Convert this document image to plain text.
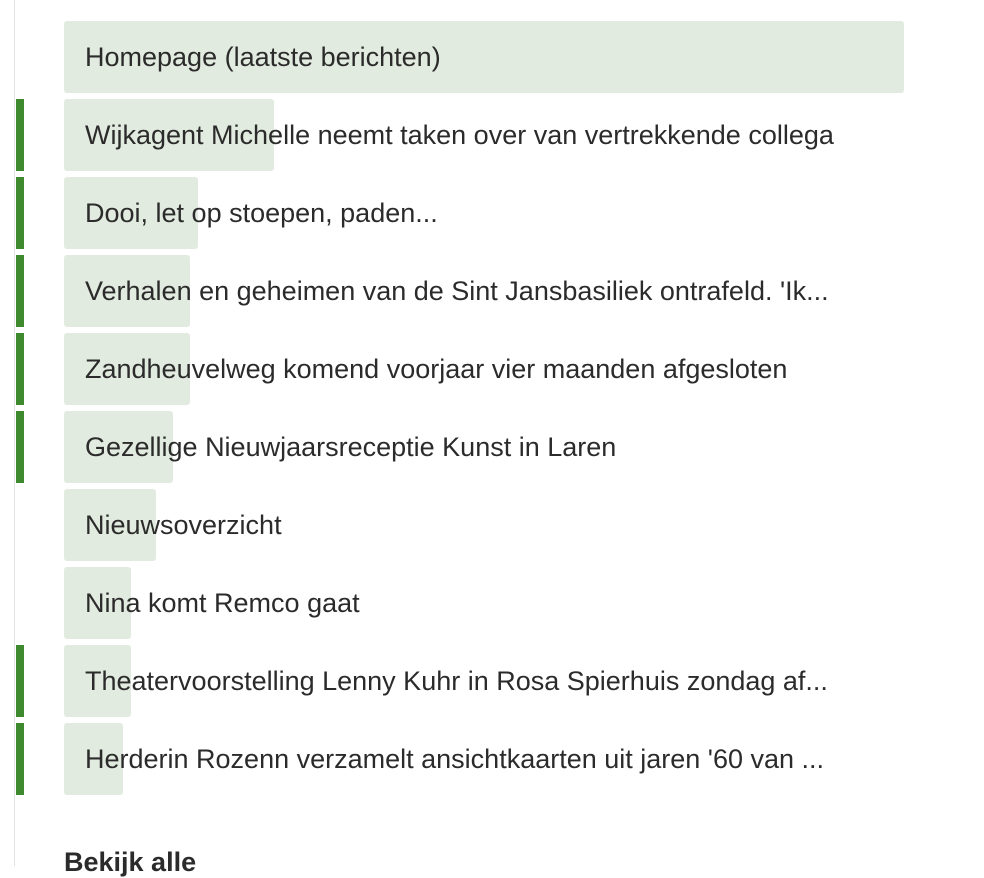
Homepage (laatste berichten)
Wijkagent Michelle neemt taken over van vertrekkende collega
Dooi, let op stoepen, paden...
Verhalen en geheimen van de Sint Jansbasiliek ontrafeld. 'Ik...
Zandheuvelweg komend voorjaar vier maanden afgesloten
Gezellige Nieuwjaarsreceptie Kunst in Laren
Nieuwsoverzicht
Nina komt Remco gaat
Theatervoorstelling Lenny Kuhr in Rosa Spierhuis zondag af...
Herderin Rozenn verzamelt ansichtkaarten uit jaren '60 van ...
Bekijk alle
